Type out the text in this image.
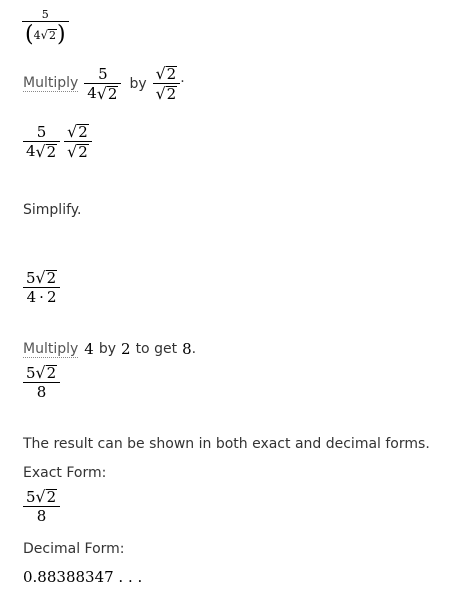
$\frac{5}{( 4 √ 2 )}$
Multiply $\frac{5}{4 √ 2}$ by $\frac{√ 2}{√ 2}$ .
$\frac{5}{4 √ 2} \frac{√ 2}{√ 2}$
Simplify.
$\frac{5 √ 2}{4 \cdot 2}$
Multiply 4 by 2 to get 8 .
$\frac{5 √ 2}{8}$
The result can be shown in both exact and decimal forms.
Exact Form:
$\frac{5 √ 2}{8}$
Decimal Form:
0.88388347 . . .
